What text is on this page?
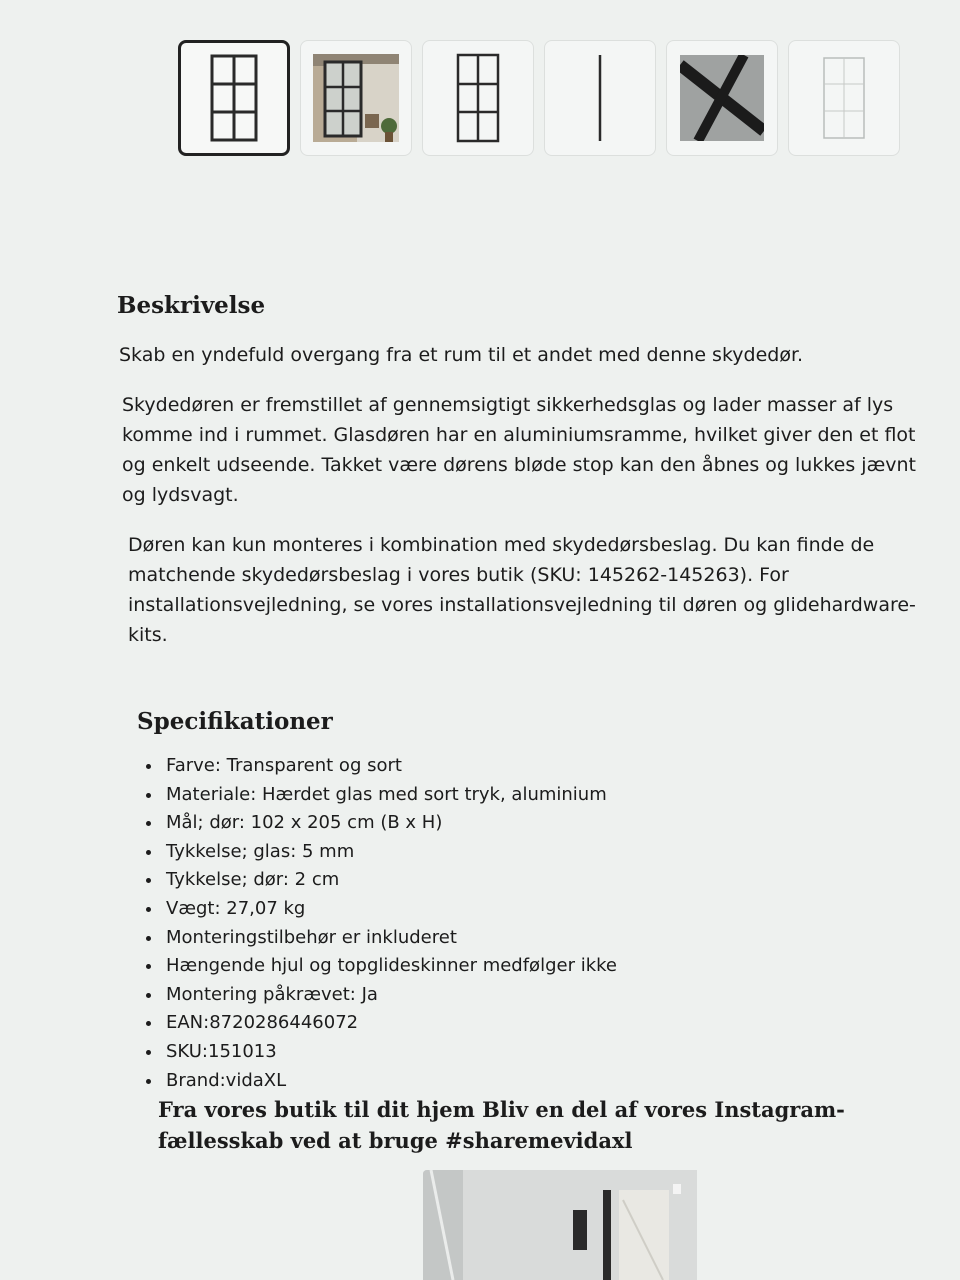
Beskrivelse

Skab en yndefuld overgang fra et rum til et andet med denne skydedør.

Skydedøren er fremstillet af gennemsigtigt sikkerhedsglas og lader masser af lys komme ind i rummet. Glasdøren har en aluminiumsramme, hvilket giver den et flot og enkelt udseende. Takket være dørens bløde stop kan den åbnes og lukkes jævnt og lydsvagt.

Døren kan kun monteres i kombination med skydedørsbeslag. Du kan finde de matchende skydedørsbeslag i vores butik (SKU: 145262-145263). For installationsvejledning, se vores installationsvejledning til døren og glidehardware-kits.

Specifikationer
• Farve: Transparent og sort
• Materiale: Hærdet glas med sort tryk, aluminium
• Mål; dør: 102 x 205 cm (B x H)
• Tykkelse; glas: 5 mm
• Tykkelse; dør: 2 cm
• Vægt: 27,07 kg
• Monteringstilbehør er inkluderet
• Hængende hjul og topglideskinner medfølger ikke
• Montering påkrævet: Ja
• EAN:8720286446072
• SKU:151013
• Brand:vidaXL

Fra vores butik til dit hjem Bliv en del af vores Instagram-fællesskab ved at bruge #sharemevidaxl
